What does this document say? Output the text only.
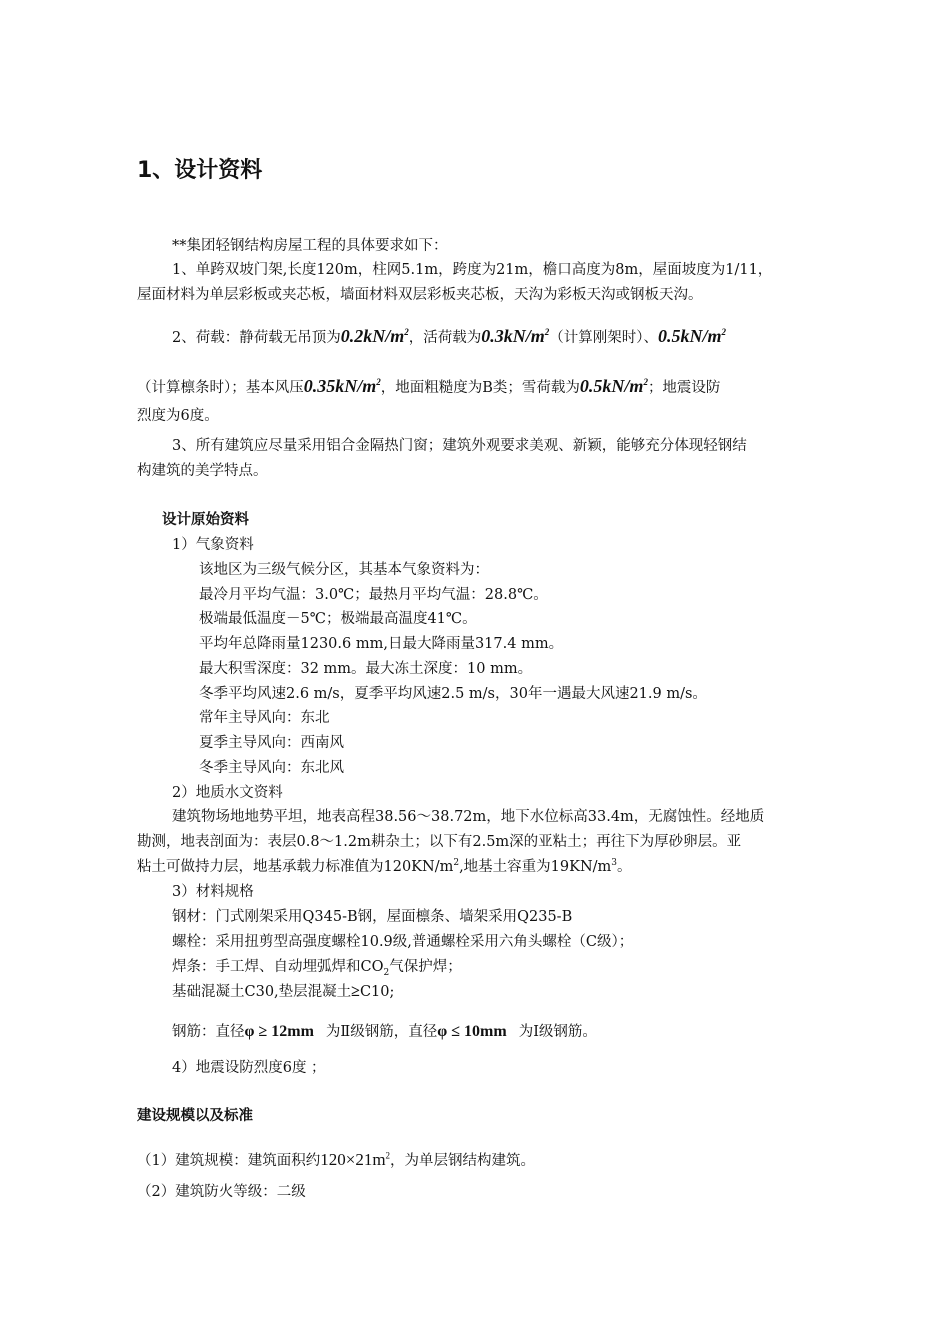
1、设计资料
**集团轻钢结构房屋工程的具体要求如下：
1、单跨双坡门架,长度120m，柱网5.1m，跨度为21m，檐口高度为8m，屋面坡度为1/11，
屋面材料为单层彩板或夹芯板，墙面材料双层彩板夹芯板，天沟为彩板天沟或钢板天沟。
2、荷载：静荷载无吊顶为$0.2kN/m^2$，活荷载为$0.3kN/m^2$（计算刚架时）、$0.5kN/m^2$
（计算檩条时）；基本风压$0.35kN/m^2$，地面粗糙度为B类；雪荷载为$0.5kN/m^2$；地震设防
烈度为6度。
3、所有建筑应尽量采用铝合金隔热门窗；建筑外观要求美观、新颖，能够充分体现轻钢结
构建筑的美学特点。
设计原始资料
1）气象资料
该地区为三级气候分区，其基本气象资料为：
最冷月平均气温：3.0℃；最热月平均气温：28.8℃。
极端最低温度－5℃；极端最高温度41℃。
平均年总降雨量1230.6 mm,日最大降雨量317.4 mm。
最大积雪深度：32 mm。最大冻土深度：10 mm。
冬季平均风速2.6 m/s，夏季平均风速2.5 m/s，30年一遇最大风速21.9 m/s。
常年主导风向：东北
夏季主导风向：西南风
冬季主导风向：东北风
2）地质水文资料
建筑物场地地势平坦，地表高程38.56～38.72m，地下水位标高33.4m，无腐蚀性。经地质
勘测，地表剖面为：表层0.8～1.2m耕杂土；以下有2.5m深的亚粘土；再往下为厚砂卵层。亚
粘土可做持力层，地基承载力标准值为$120KN/m^2$,地基土容重为$19KN/m^3$。
3）材料规格
钢材：门式刚架采用Q345-B钢，屋面檩条、墙架采用Q235-B
螺栓：采用扭剪型高强度螺栓10.9级,普通螺栓采用六角头螺栓（C级）；
焊条：手工焊、自动埋弧焊和$CO_2$气保护焊；
基础混凝土C30,垫层混凝土≥C10;
钢筋：直径φ ≥ 12mm 为Ⅱ级钢筋，直径φ ≤ 10mm 为Ⅰ级钢筋。
4）地震设防烈度6度 ；
建设规模以及标准
（1）建筑规模：建筑面积约$120\times 21m^2$，为单层钢结构建筑。
（2）建筑防火等级：二级
